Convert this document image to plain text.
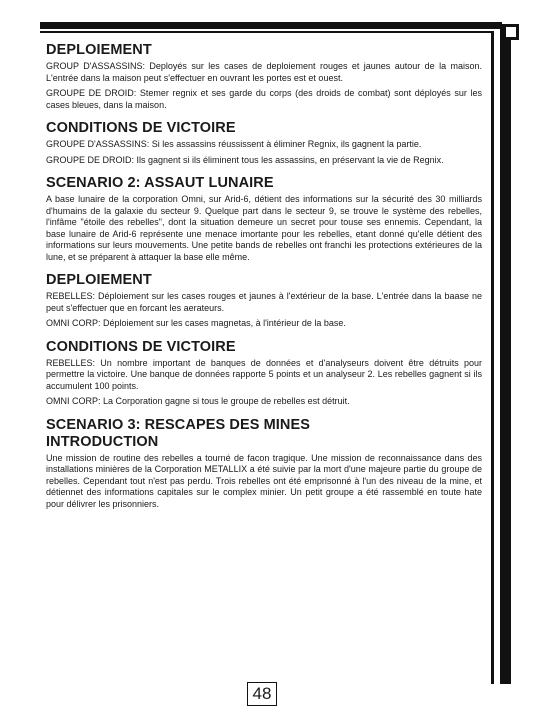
DEPLOIEMENT

GROUP D'ASSASSINS: Deployés sur les cases de deploiement rouges et jaunes autour de la maison. L'entrée dans la maison peut s'effectuer en ouvrant les portes est et ouest.

GROUPE DE DROID: Stemer regnix et ses garde du corps (des droids de combat) sont déployés sur les cases bleues, dans la maison.

CONDITIONS DE VICTOIRE

GROUPE D'ASSASSINS: Si les assassins réussissent à éliminer Regnix, ils gagnent la partie.

GROUPE DE DROID: Ils gagnent si ils éliminent tous les assassins, en préservant la vie de Regnix.

SCENARIO 2: ASSAUT LUNAIRE

A base lunaire de la corporation Omni, sur Arid-6, détient des informations sur la sécurité des 30 milliards d'humains de la galaxie du secteur 9. Quelque part dans le secteur 9, se trouve le système des rebelles, l'infâme "étoile des rebelles", dont la situation demeure un secret pour touse ses ennemis. Cependant, la base lunaire de Arid-6 représente une menace imortante pour les rebelles, etant donné qu'elle détient des informations sur leurs mouvements. Une petite bands de rebelles ont franchi les protections extérieures de la lune, et se préparent à attaquer la base elle même.

DEPLOIEMENT

REBELLES: Déploiement sur les cases rouges et jaunes à l'extérieur de la base. L'entrée dans la baase ne peut s'effectuer que en forcant les aerateurs.

OMNI CORP: Déploiement sur les cases magnetas, à l'intérieur de la base.

CONDITIONS DE VICTOIRE

REBELLES: Un nombre important de banques de données et d'analyseurs doivent être détruits pour permettre la victoire. Une banque de données rapporte 5 points et un analyseur 2. Les rebelles gagnent si ils accumulent 100 points.

OMNI CORP: La Corporation gagne si tous le groupe de rebelles est détruit.

SCENARIO 3: RESCAPES DES MINES
INTRODUCTION

Une mission de routine des rebelles a tourné de facon tragique. Une mission de reconnaissance dans des installations minières de la Corporation METALLIX a été suivie par la mort d'une majeure partie du groupe de rebelles. Cependant tout n'est pas perdu. Trois rebelles ont été emprisonné à l'un des niveau de la mine, et détiennet des informations capitales sur le complex minier. Un petit groupe a été rassemblé en toute hate pour délivrer les prisonniers.

48
